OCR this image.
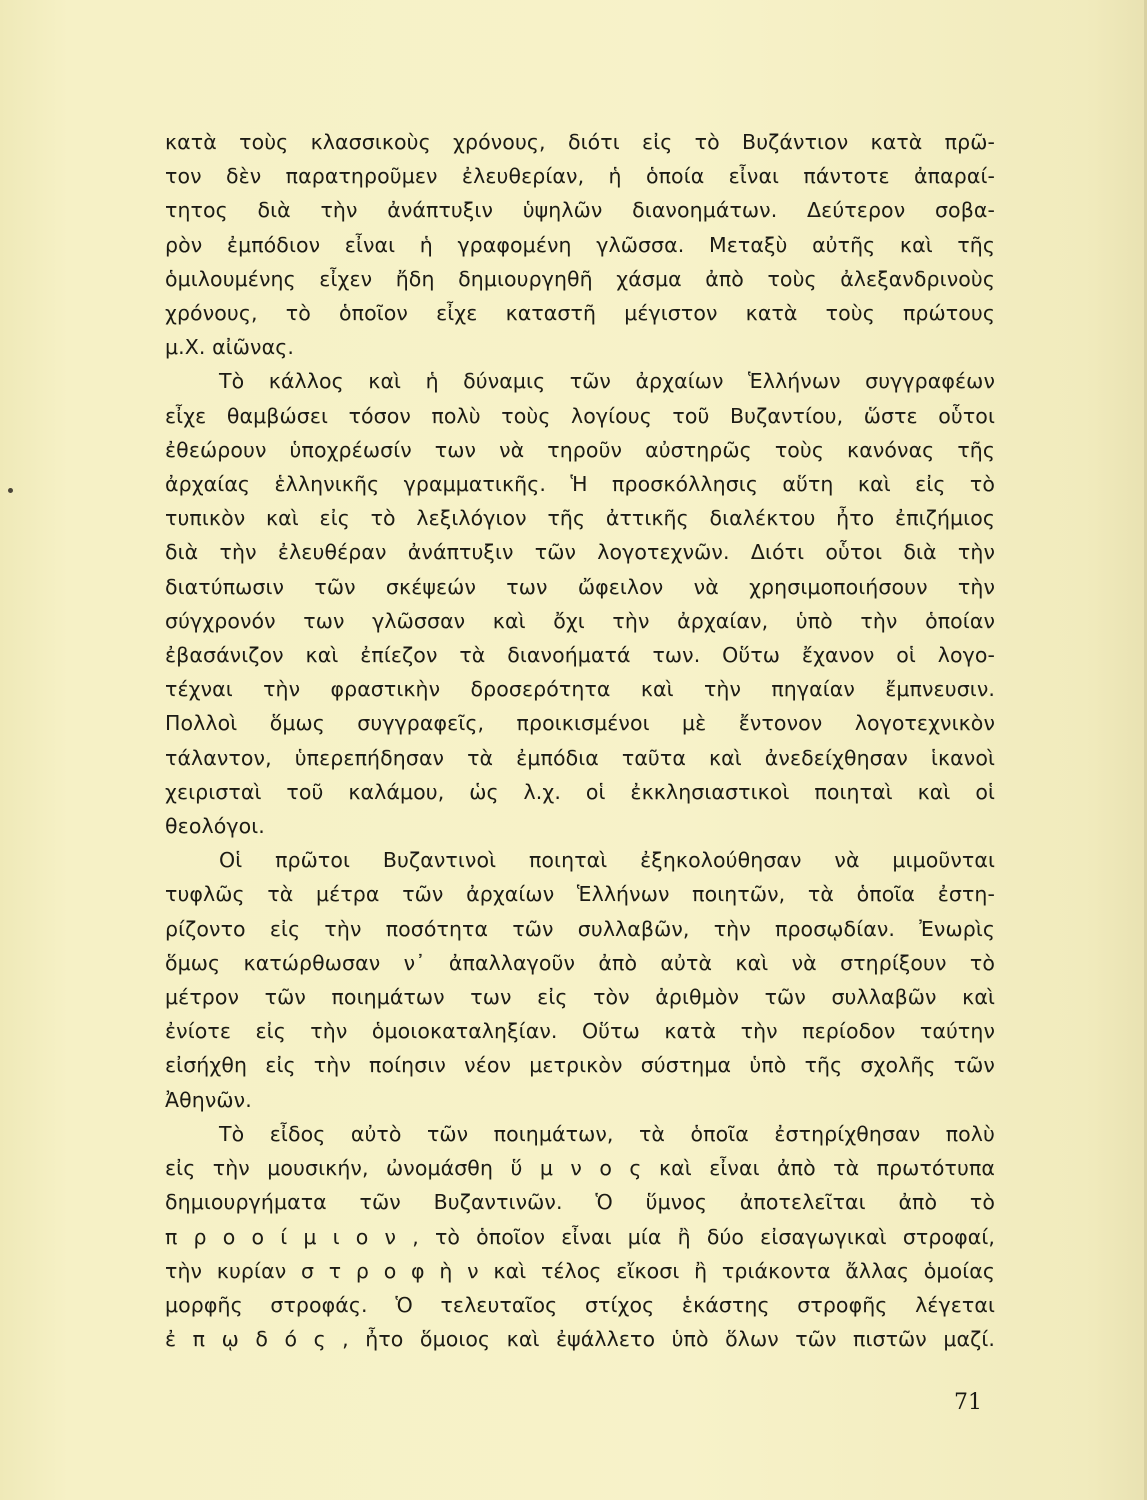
κατὰ τοὺς κλασσικοὺς χρόνους, διότι εἰς τὸ Βυζάντιον κατὰ πρῶ-
τον δὲν παρατηροῦμεν ἐλευθερίαν, ἡ ὁποία εἶναι πάντοτε ἀπαραί-
τητος διὰ τὴν ἀνάπτυξιν ὑψηλῶν διανοημάτων. Δεύτερον σοβα-
ρὸν ἐμπόδιον εἶναι ἡ γραφομένη γλῶσσα. Μεταξὺ αὐτῆς καὶ τῆς
ὁμιλουμένης εἶχεν ἤδη δημιουργηθῆ χάσμα ἀπὸ τοὺς ἀλεξανδρινοὺς
χρόνους, τὸ ὁποῖον εἶχε καταστῆ μέγιστον κατὰ τοὺς πρώτους
μ.Χ. αἰῶνας.

Τὸ κάλλος καὶ ἡ δύναμις τῶν ἀρχαίων Ἑλλήνων συγγραφέων
εἶχε θαμβώσει τόσον πολὺ τοὺς λογίους τοῦ Βυζαντίου, ὥστε οὗτοι
ἐθεώρουν ὑποχρέωσίν των νὰ τηροῦν αὐστηρῶς τοὺς κανόνας τῆς
ἀρχαίας ἑλληνικῆς γραμματικῆς. Ἡ προσκόλλησις αὕτη καὶ εἰς τὸ
τυπικὸν καὶ εἰς τὸ λεξιλόγιον τῆς ἀττικῆς διαλέκτου ἦτο ἐπιζήμιος
διὰ τὴν ἐλευθέραν ἀνάπτυξιν τῶν λογοτεχνῶν. Διότι οὗτοι διὰ τὴν
διατύπωσιν τῶν σκέψεών των ὤφειλον νὰ χρησιμοποιήσουν τὴν
σύγχρονόν των γλῶσσαν καὶ ὄχι τὴν ἀρχαίαν, ὑπὸ τὴν ὁποίαν
ἐβασάνιζον καὶ ἐπίεζον τὰ διανοήματά των. Οὕτω ἔχανον οἱ λογο-
τέχναι τὴν φραστικὴν δροσερότητα καὶ τὴν πηγαίαν ἔμπνευσιν.
Πολλοὶ ὅμως συγγραφεῖς, προικισμένοι μὲ ἔντονον λογοτεχνικὸν
τάλαντον, ὑπερεπήδησαν τὰ ἐμπόδια ταῦτα καὶ ἀνεδείχθησαν ἱκανοὶ
χειρισταὶ τοῦ καλάμου, ὡς λ.χ. οἱ ἐκκλησιαστικοὶ ποιηταὶ καὶ οἱ
θεολόγοι.

Οἱ πρῶτοι Βυζαντινοὶ ποιηταὶ ἐξηκολούθησαν νὰ μιμοῦνται
τυφλῶς τὰ μέτρα τῶν ἀρχαίων Ἑλλήνων ποιητῶν, τὰ ὁποῖα ἐστη-
ρίζοντο εἰς τὴν ποσότητα τῶν συλλαβῶν, τὴν προσῳδίαν. Ἐνωρὶς
ὅμως κατώρθωσαν ν᾽ ἀπαλλαγοῦν ἀπὸ αὐτὰ καὶ νὰ στηρίξουν τὸ
μέτρον τῶν ποιημάτων των εἰς τὸν ἀριθμὸν τῶν συλλαβῶν καὶ
ἐνίοτε εἰς τὴν ὁμοιοκαταληξίαν. Οὕτω κατὰ τὴν περίοδον ταύτην
εἰσήχθη εἰς τὴν ποίησιν νέον μετρικὸν σύστημα ὑπὸ τῆς σχολῆς τῶν
Ἀθηνῶν.

Τὸ εἶδος αὐτὸ τῶν ποιημάτων, τὰ ὁποῖα ἐστηρίχθησαν πολὺ
εἰς τὴν μουσικήν, ὠνομάσθη ὕ μ ν ο ς καὶ εἶναι ἀπὸ τὰ πρωτότυπα
δημιουργήματα τῶν Βυζαντινῶν. Ὁ ὕμνος ἀποτελεῖται ἀπὸ τὸ
π ρ ο ο ί μ ι ο ν , τὸ ὁποῖον εἶναι μία ἢ δύο εἰσαγωγικαὶ στροφαί,
τὴν κυρίαν σ τ ρ ο φ ὴ ν καὶ τέλος εἴκοσι ἢ τριάκοντα ἄλλας ὁμοίας
μορφῆς στροφάς. Ὁ τελευταῖος στίχος ἑκάστης στροφῆς λέγεται
ἐ π ῳ δ ό ς , ἦτο ὅμοιος καὶ ἐψάλλετο ὑπὸ ὅλων τῶν πιστῶν μαζί.

71
